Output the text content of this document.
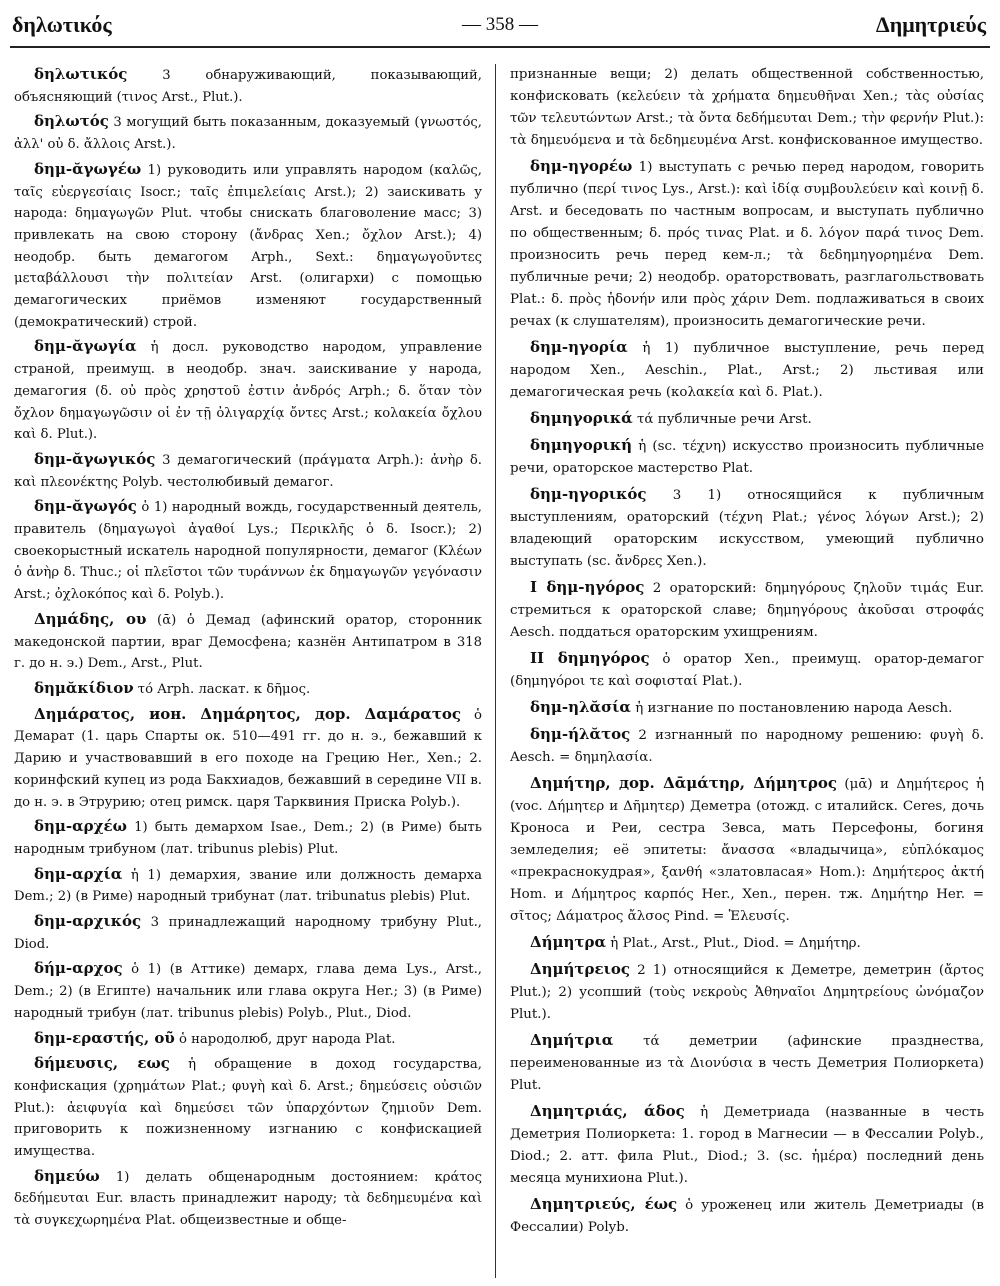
δηλωτικός	— 358 —	Δημητριεύς

δηλωτικός 3 обнаруживающий, показывающий, объясняющий (τινος Arst., Plut.).

δηλωτός 3 могущий быть показанным, доказуемый (γνωστός, ἀλλ' οὐ δ. ἄλλοις Arst.).

δημ-ᾰγωγέω 1) руководить или управлять народом (καλῶς, ταῖς εὐεργεσίαις Isocr.; ταῖς ἐπιμελείαις Arst.); 2) заискивать у народа: δημαγωγῶν Plut. чтобы снискать благоволение масс; 3) привлекать на свою сторону (ἄνδρας Xen.; ὄχλον Arst.); 4) неодобр. быть демагогом Arph., Sext.: δημαγωγοῦντες μεταβάλλουσι τὴν πολιτείαν Arst. (олигархи) с помощью демагогических приёмов изменяют государственный (демократический) строй.

δημ-ᾰγωγία ἡ досл. руководство народом, управление страной, преимущ. в неодобр. знач. заискивание у народа, демагогия (δ. οὐ πρὸς χρηστοῦ ἐστιν ἀνδρός Arph.; δ. ὅταν τὸν ὄχλον δημαγωγῶσιν οἱ ἐν τῇ ὀλιγαρχίᾳ ὄντες Arst.; κολακεία ὄχλου καὶ δ. Plut.).

δημ-ᾰγωγικός 3 демагогический (πράγματα Arph.): ἀνὴρ δ. καὶ πλεονέκτης Polyb. честолюбивый демагог.

δημ-ᾰγωγός ὁ 1) народный вождь, государственный деятель, правитель (δημαγωγοὶ ἀγαθοί Lys.; Περικλῆς ὁ δ. Isocr.); 2) своекорыстный искатель народной популярности, демагог (Κλέων ὁ ἀνὴρ δ. Thuc.; οἱ πλεῖστοι τῶν τυράννων ἐκ δημαγωγῶν γεγόνασιν Arst.; ὀχλοκόπος καὶ δ. Polyb.).

Δημάδης, ου (ᾱ) ὁ Демад (афинский оратор, сторонник македонской партии, враг Демосфена; казнён Антипатром в 318 г. до н. э.) Dem., Arst., Plut.

δημᾰκίδιον τό Arph. ласкат. к δῆμος.

Δημάρατος, ион. Δημάρητος, дор. Δαμάρατος ὁ Демарат (1. царь Спарты ок. 510—491 гг. до н. э., бежавший к Дарию и участвовавший в его походе на Грецию Her., Xen.; 2. коринфский купец из рода Бакхиадов, бежавший в середине VII в. до н. э. в Этрурию; отец римск. царя Тарквиния Приска Polyb.).

δημ-αρχέω 1) быть демархом Isae., Dem.; 2) (в Риме) быть народным трибуном (лат. tribunus plebis) Plut.

δημ-αρχία ἡ 1) демархия, звание или должность демарха Dem.; 2) (в Риме) народный трибунат (лат. tribunatus plebis) Plut.

δημ-αρχικός 3 принадлежащий народному трибуну Plut., Diod.

δήμ-αρχος ὁ 1) (в Аттике) демарх, глава дема Lys., Arst., Dem.; 2) (в Египте) начальник или глава округа Her.; 3) (в Риме) народный трибун (лат. tribunus plebis) Polyb., Plut., Diod.

δημ-εραστής, οῦ ὁ народолюб, друг народа Plat.

δήμευσις, εως ἡ обращение в доход государства, конфискация (χρημάτων Plat.; φυγὴ καὶ δ. Arst.; δημεύσεις οὐσιῶν Plut.): ἀειφυγία καὶ δημεύσει τῶν ὑπαρχόντων ζημιοῦν Dem. приговорить к пожизненному изгнанию с конфискацией имущества.

δημεύω 1) делать общенародным достоянием: κράτος δεδήμευται Eur. власть принадлежит народу; τὰ δεδημευμένα καὶ τὰ συγκεχωρημένα Plat. общеизвестные и обще-

признанные вещи; 2) делать общественной собственностью, конфисковать (κελεύειν τὰ χρήματα δημευθῆναι Xen.; τὰς οὐσίας τῶν τελευτώντων Arst.; τὰ ὄντα δεδήμευται Dem.; τὴν φερνήν Plut.): τὰ δημευόμενα и τὰ δεδημευμένα Arst. конфискованное имущество.

δημ-ηγορέω 1) выступать с речью перед народом, говорить публично (περί τινος Lys., Arst.): καὶ ἰδίᾳ συμβουλεύειν καὶ κοινῇ δ. Arst. и беседовать по частным вопросам, и выступать публично по общественным; δ. πρός τινας Plat. и δ. λόγον παρά τινος Dem. произносить речь перед кем-л.; τὰ δεδημηγορημένα Dem. публичные речи; 2) неодобр. ораторствовать, разглагольствовать Plat.: δ. πρὸς ἡδονήν или πρὸς χάριν Dem. подлаживаться в своих речах (к слушателям), произносить демагогические речи.

δημ-ηγορία ἡ 1) публичное выступление, речь перед народом Xen., Aeschin., Plat., Arst.; 2) льстивая или демагогическая речь (κολακεία καὶ δ. Plat.).

δημηγορικά τά публичные речи Arst.

δημηγορική ἡ (sc. τέχνη) искусство произносить публичные речи, ораторское мастерство Plat.

δημ-ηγορικός 3 1) относящийся к публичным выступлениям, ораторский (τέχνη Plat.; γένος λόγων Arst.); 2) владеющий ораторским искусством, умеющий публично выступать (sc. ἄνδρες Xen.).

I δημ-ηγόρος 2 ораторский: δημηγόρους ζηλοῦν τιμάς Eur. стремиться к ораторской славе; δημηγόρους ἀκοῦσαι στροφάς Aesch. поддаться ораторским ухищрениям.

II δημηγόρος ὁ оратор Xen., преимущ. оратор-демагог (δημηγόροι τε καὶ σοφισταί Plat.).

δημ-ηλᾰσία ἡ изгнание по постановлению народа Aesch.

δημ-ήλᾰτος 2 изгнанный по народному решению: φυγὴ δ. Aesch. = δημηλασία.

Δημήτηρ, дор. Δᾱμάτηρ, Δήμητρος (μᾱ) и Δημήτερος ἡ (voc. Δήμητερ и Δῆμητερ) Деметра (отожд. с италийск. Ceres, дочь Кроноса и Реи, сестра Зевса, мать Персефоны, богиня земледелия; её эпитеты: ἄνασσα «владычица», εὐπλόκαμος «прекраснокудрая», ξανθή «златовласая» Hom.): Δημήτερος ἀκτή Hom. и Δήμητρος καρπός Her., Xen., перен. тж. Δημήτηρ Her. = σῖτος; Δάματρος ἄλσος Pind. = Ἐλευσίς.

Δήμητρα ἡ Plat., Arst., Plut., Diod. = Δημήτηρ.

Δημήτρειος 2 1) относящийся к Деметре, деметрин (ἄρτος Plut.); 2) усопший (τοὺς νεκροὺς Ἀθηναῖοι Δημητρείους ὠνόμαζον Plut.).

Δημήτρια τά деметрии (афинские празднества, переименованные из τὰ Διονύσια в честь Деметрия Полиоркета) Plut.

Δημητριάς, άδος ἡ Деметриада (названные в честь Деметрия Полиоркета: 1. город в Магнесии — в Фессалии Polyb., Diod.; 2. атт. фила Plut., Diod.; 3. (sc. ἡμέρα) последний день месяца мунихиона Plut.).

Δημητριεύς, έως ὁ уроженец или житель Деметриады (в Фессалии) Polyb.
